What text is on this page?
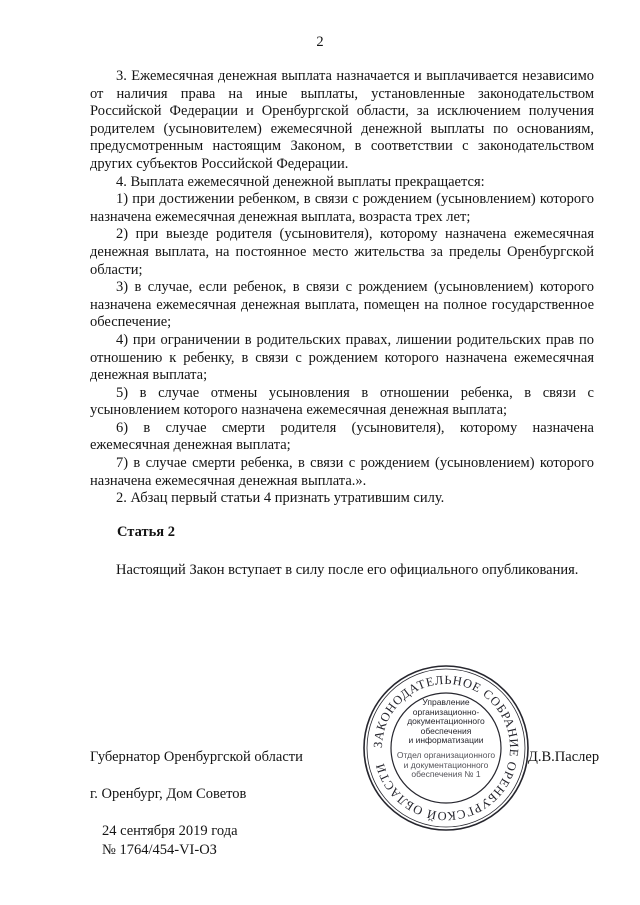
2

3. Ежемесячная денежная выплата назначается и выплачивается независимо от наличия права на иные выплаты, установленные законодательством Российской Федерации и Оренбургской области, за исключением получения родителем (усыновителем) ежемесячной денежной выплаты по основаниям, предусмотренным настоящим Законом, в соответствии с законодательством других субъектов Российской Федерации.

4. Выплата ежемесячной денежной выплаты прекращается:

1) при достижении ребенком, в связи с рождением (усыновлением) которого назначена ежемесячная денежная выплата, возраста трех лет;

2) при выезде родителя (усыновителя), которому назначена ежемесячная денежная выплата, на постоянное место жительства за пределы Оренбургской области;

3) в случае, если ребенок, в связи с рождением (усыновлением) которого назначена ежемесячная денежная выплата, помещен на полное государственное обеспечение;

4) при ограничении в родительских правах, лишении родительских прав по отношению к ребенку, в связи с рождением которого назначена ежемесячная денежная выплата;

5) в случае отмены усыновления в отношении ребенка, в связи с усыновлением которого назначена ежемесячная денежная выплата;

6) в случае смерти родителя (усыновителя), которому назначена ежемесячная денежная выплата;

7) в случае смерти ребенка, в связи с рождением (усыновлением) которого назначена ежемесячная денежная выплата.».

2. Абзац первый статьи 4 признать утратившим силу.

Статья 2

Настоящий Закон вступает в силу после его официального опубликования.

ЗАКОНОДАТЕЛЬНОЕ СОБРАНИЕ ОРЕНБУРГСКОЙ ОБЛАСТИ
Управление
организационно-
документационного
обеспечения
и информатизации
Отдел организационного
и документационного
обеспечения № 1
Губернатор Оренбургской области	Д.В.Паслер
г. Оренбург, Дом Советов
24 сентября 2019 года
№ 1764/454-VI-ОЗ
